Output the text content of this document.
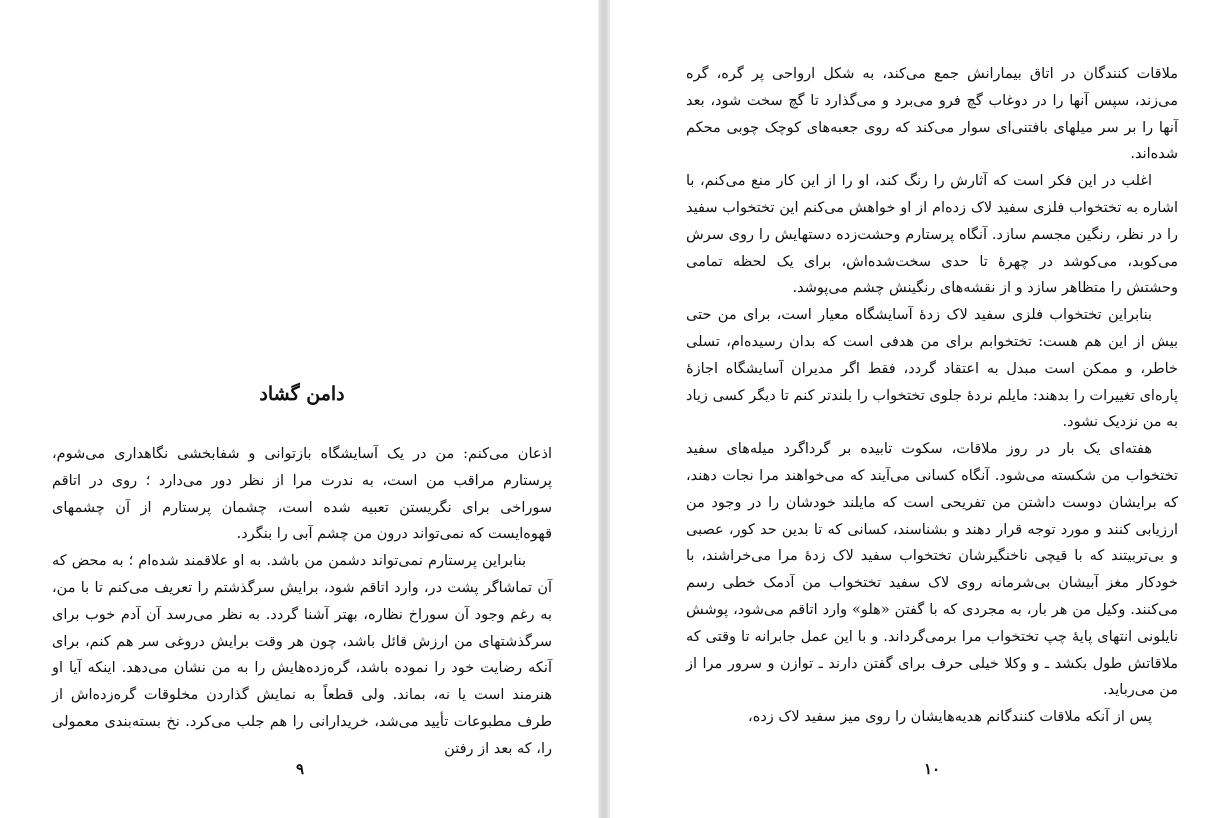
دامن گشاد

اذعان می‌کنم: من در یک آسایشگاه بازتوانی و شفابخشی نگاهداری می‌شوم، پرستارم مراقب من است، به ندرت مرا از نظر دور می‌دارد ؛ روی در اتاقم سوراخی برای نگریستن تعبیه شده است، چشمان پرستارم از آن چشمهای قهوه‌ایست که نمی‌تواند درون من چشم آبی را بنگرد.

بنابراین پرستارم نمی‌تواند دشمن من باشد. به او علاقمند شده‌ام ؛ به محض که آن تماشاگر پشت در، وارد اتاقم شود، برایش سرگذشتم را تعریف می‌کنم تا با من، به رغم وجود آن سوراخ نظاره، بهتر آشنا گردد. به نظر می‌رسد آن آدم خوب برای سرگذشتهای من ارزش قائل باشد، چون هر وقت برایش دروغی سر هم کنم، برای آنکه رضایت خود را نموده باشد، گره‌زده‌هایش را به من نشان می‌دهد. اینکه آیا او هنرمند است یا نه، بماند. ولی قطعاً به نمایش گذاردن مخلوقات گره‌زده‌اش از طرف مطبوعات تأیید می‌شد، خریدارانی را هم جلب می‌کرد. نخ بسته‌بندی معمولی را، که بعد از رفتن

۹

ملاقات کنندگان در اتاق بیمارانش جمع می‌کند، به شکل ارواحی پر گره، گره می‌زند، سپس آنها را در دوغاب گچ فرو می‌برد و می‌گذارد تا گچ سخت شود، بعد آنها را بر سر میلهای بافتنی‌ای سوار می‌کند که روی جعبه‌های کوچک چوبی محکم شده‌اند.

اغلب در این فکر است که آثارش را رنگ کند، او را از این کار منع می‌کنم، با اشاره به تختخواب فلزی سفید لاک زده‌ام از او خواهش می‌کنم این تختخواب سفید را در نظر، رنگین مجسم سازد. آنگاه پرستارم وحشت‌زده دستهایش را روی سرش می‌کوبد، می‌کوشد در چهرهٔ تا حدی سخت‌شده‌اش، برای یک لحظه تمامی وحشتش را متظاهر سازد و از نقشه‌های رنگینش چشم می‌پوشد.

بنابراین تختخواب فلزی سفید لاک زدهٔ آسایشگاه معیار است، برای من حتی بیش از این هم هست: تختخوابم برای من هدفی است که بدان رسیده‌ام، تسلی خاطر، و ممکن است مبدل به اعتقاد گردد، فقط اگر مدیران آسایشگاه اجازهٔ پاره‌ای تغییرات را بدهند: مایلم نردهٔ جلوی تختخواب را بلندتر کنم تا دیگر کسی زیاد به من نزدیک نشود.

هفته‌ای یک بار در روز ملاقات، سکوت تابیده بر گرداگرد میله‌های سفید تختخواب من شکسته می‌شود. آنگاه کسانی می‌آیند که می‌خواهند مرا نجات دهند، که برایشان دوست داشتن من تفریحی است که مایلند خودشان را در وجود من ارزیابی کنند و مورد توجه قرار دهند و بشناسند، کسانی که تا بدین حد کور، عصبی و بی‌تربیتند که با قیچی ناخنگیرشان تختخواب سفید لاک زدهٔ مرا می‌خراشند، با خودکار مغز آبیشان بی‌شرمانه روی لاک سفید تختخواب من آدمک خطی رسم می‌کنند. وکیل من هر بار، به مجردی که با گفتن «هلو» وارد اتاقم می‌شود، پوشش نایلونی انتهای پایهٔ چپ تختخواب مرا برمی‌گرداند. و با این عمل جابرانه تا وقتی که ملاقاتش طول بکشد ـ و وکلا خیلی حرف برای گفتن دارند ـ توازن و سرور مرا از من می‌رباید.

پس از آنکه ملاقات کنندگانم هدیه‌هایشان را روی میز سفید لاک زده،

۱۰
